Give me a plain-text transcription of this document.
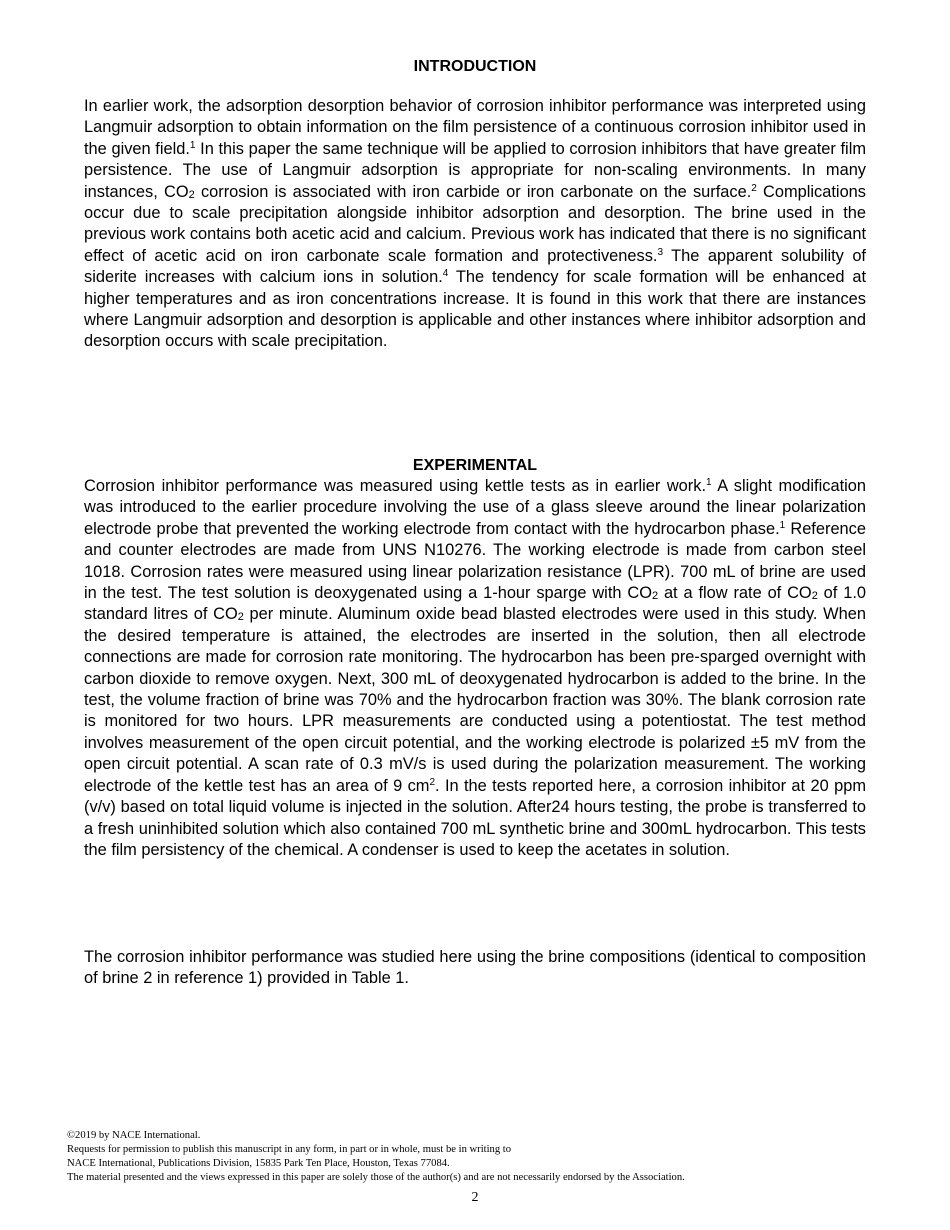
INTRODUCTION

In earlier work, the adsorption desorption behavior of corrosion inhibitor performance was interpreted using Langmuir adsorption to obtain information on the film persistence of a continuous corrosion inhibitor used in the given field.$^1$ In this paper the same technique will be applied to corrosion inhibitors that have greater film persistence. The use of Langmuir adsorption is appropriate for non-scaling environments. In many instances, $CO_2$ corrosion is associated with iron carbide or iron carbonate on the surface.$^2$ Complications occur due to scale precipitation alongside inhibitor adsorption and desorption. The brine used in the previous work contains both acetic acid and calcium. Previous work has indicated that there is no significant effect of acetic acid on iron carbonate scale formation and protectiveness.$^3$ The apparent solubility of siderite increases with calcium ions in solution.$^4$ The tendency for scale formation will be enhanced at higher temperatures and as iron concentrations increase. It is found in this work that there are instances where Langmuir adsorption and desorption is applicable and other instances where inhibitor adsorption and desorption occurs with scale precipitation.

EXPERIMENTAL

Corrosion inhibitor performance was measured using kettle tests as in earlier work.$^1$ A slight modification was introduced to the earlier procedure involving the use of a glass sleeve around the linear polarization electrode probe that prevented the working electrode from contact with the hydrocarbon phase.$^1$ Reference and counter electrodes are made from UNS N10276. The working electrode is made from carbon steel 1018. Corrosion rates were measured using linear polarization resistance (LPR). 700 mL of brine are used in the test. The test solution is deoxygenated using a 1-hour sparge with $CO_2$ at a flow rate of $CO_2$ of 1.0 standard litres of $CO_2$ per minute. Aluminum oxide bead blasted electrodes were used in this study. When the desired temperature is attained, the electrodes are inserted in the solution, then all electrode connections are made for corrosion rate monitoring. The hydrocarbon has been pre-sparged overnight with carbon dioxide to remove oxygen. Next, 300 mL of deoxygenated hydrocarbon is added to the brine. In the test, the volume fraction of brine was 70% and the hydrocarbon fraction was 30%. The blank corrosion rate is monitored for two hours. LPR measurements are conducted using a potentiostat. The test method involves measurement of the open circuit potential, and the working electrode is polarized ±5 mV from the open circuit potential. A scan rate of 0.3 mV/s is used during the polarization measurement. The working electrode of the kettle test has an area of 9 $cm^2$. In the tests reported here, a corrosion inhibitor at 20 ppm (v/v) based on total liquid volume is injected in the solution. After24 hours testing, the probe is transferred to a fresh uninhibited solution which also contained 700 mL synthetic brine and 300mL hydrocarbon. This tests the film persistency of the chemical. A condenser is used to keep the acetates in solution.

The corrosion inhibitor performance was studied here using the brine compositions (identical to composition of brine 2 in reference 1) provided in Table 1.

©2019 by NACE International.
Requests for permission to publish this manuscript in any form, in part or in whole, must be in writing to
NACE International, Publications Division, 15835 Park Ten Place, Houston, Texas 77084.
The material presented and the views expressed in this paper are solely those of the author(s) and are not necessarily endorsed by the Association.
2
